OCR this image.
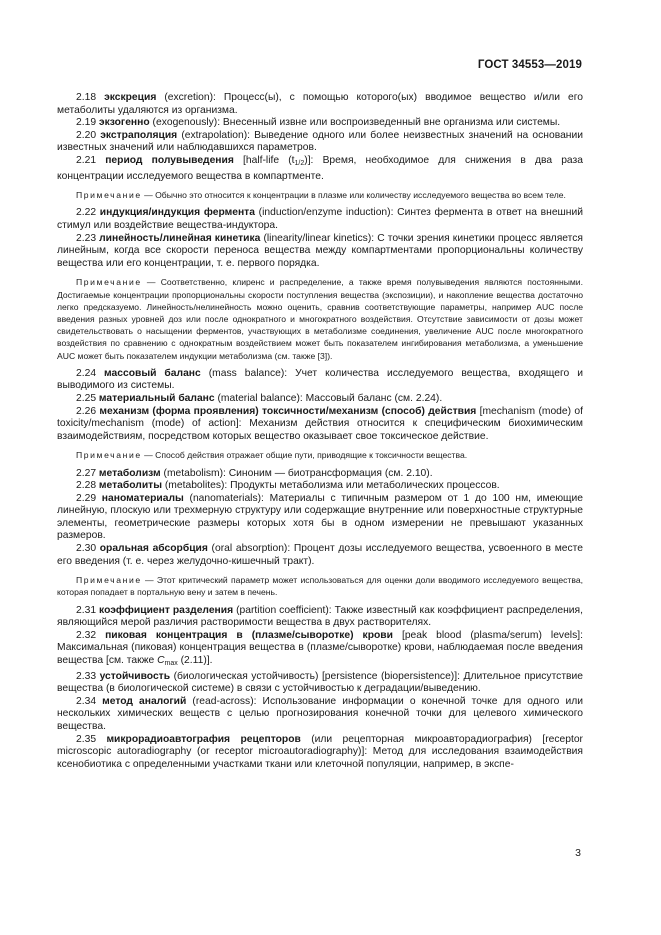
ГОСТ 34553—2019

2.18 экскреция (excretion): Процесс(ы), с помощью которого(ых) вводимое вещество и/или его метаболиты удаляются из организма.

2.19 экзогенно (exogenously): Внесенный извне или воспроизведенный вне организма или системы.

2.20 экстраполяция (extrapolation): Выведение одного или более неизвестных значений на основании известных значений или наблюдавшихся параметров.

2.21 период полувыведения [half-life $(t_{1/2})$]: Время, необходимое для снижения в два раза концентрации исследуемого вещества в компартменте.

Примечание — Обычно это относится к концентрации в плазме или количеству исследуемого вещества во всем теле.

2.22 индукция/индукция фермента (induction/enzyme induction): Синтез фермента в ответ на внешний стимул или воздействие вещества-индуктора.

2.23 линейность/линейная кинетика (linearity/linear kinetics): С точки зрения кинетики процесс является линейным, когда все скорости переноса вещества между компартментами пропорциональны количеству вещества или его концентрации, т. е. первого порядка.

Примечание — Соответственно, клиренс и распределение, а также время полувыведения являются постоянными. Достигаемые концентрации пропорциональны скорости поступления вещества (экспозиции), и накопление вещества достаточно легко предсказуемо. Линейность/нелинейность можно оценить, сравнив соответствующие параметры, например AUC после введения разных уровней доз или после однократного и многократного воздействия. Отсутствие зависимости от дозы может свидетельствовать о насыщении ферментов, участвующих в метаболизме соединения, увеличение AUC после многократного воздействия по сравнению с однократным воздействием может быть показателем ингибирования метаболизма, а уменьшение AUC может быть показателем индукции метаболизма (см. также [3]).

2.24 массовый баланс (mass balance): Учет количества исследуемого вещества, входящего и выводимого из системы.

2.25 материальный баланс (material balance): Массовый баланс (см. 2.24).

2.26 механизм (форма проявления) токсичности/механизм (способ) действия [mechanism (mode) of toxicity/mechanism (mode) of action]: Механизм действия относится к специфическим биохимическим взаимодействиям, посредством которых вещество оказывает свое токсическое действие.

Примечание — Способ действия отражает общие пути, приводящие к токсичности вещества.

2.27 метаболизм (metabolism): Синоним — биотрансформация (см. 2.10).

2.28 метаболиты (metabolites): Продукты метаболизма или метаболических процессов.

2.29 наноматериалы (nanomaterials): Материалы с типичным размером от 1 до 100 нм, имеющие линейную, плоскую или трехмерную структуру или содержащие внутренние или поверхностные структурные элементы, геометрические размеры которых хотя бы в одном измерении не превышают указанных размеров.

2.30 оральная абсорбция (oral absorption): Процент дозы исследуемого вещества, усвоенного в месте его введения (т. е. через желудочно-кишечный тракт).

Примечание — Этот критический параметр может использоваться для оценки доли вводимого исследуемого вещества, которая попадает в портальную вену и затем в печень.

2.31 коэффициент разделения (partition coefficient): Также известный как коэффициент распределения, являющийся мерой различия растворимости вещества в двух растворителях.

2.32 пиковая концентрация в (плазме/сыворотке) крови [peak blood (plasma/serum) levels]: Максимальная (пиковая) концентрация вещества в (плазме/сыворотке) крови, наблюдаемая после введения вещества [см. также $C_{max}$ (2.11)].

2.33 устойчивость (биологическая устойчивость) [persistence (biopersistence)]: Длительное присутствие вещества (в биологической системе) в связи с устойчивостью к деградации/выведению.

2.34 метод аналогий (read-across): Использование информации о конечной точке для одного или нескольких химических веществ с целью прогнозирования конечной точки для целевого химического вещества.

2.35 микрорадиоавтография рецепторов (или рецепторная микроавторадиография) [receptor microscopic autoradiography (or receptor microautoradiography)]: Метод для исследования взаимодействия ксенобиотика с определенными участками ткани или клеточной популяции, например, в экспе-

3
